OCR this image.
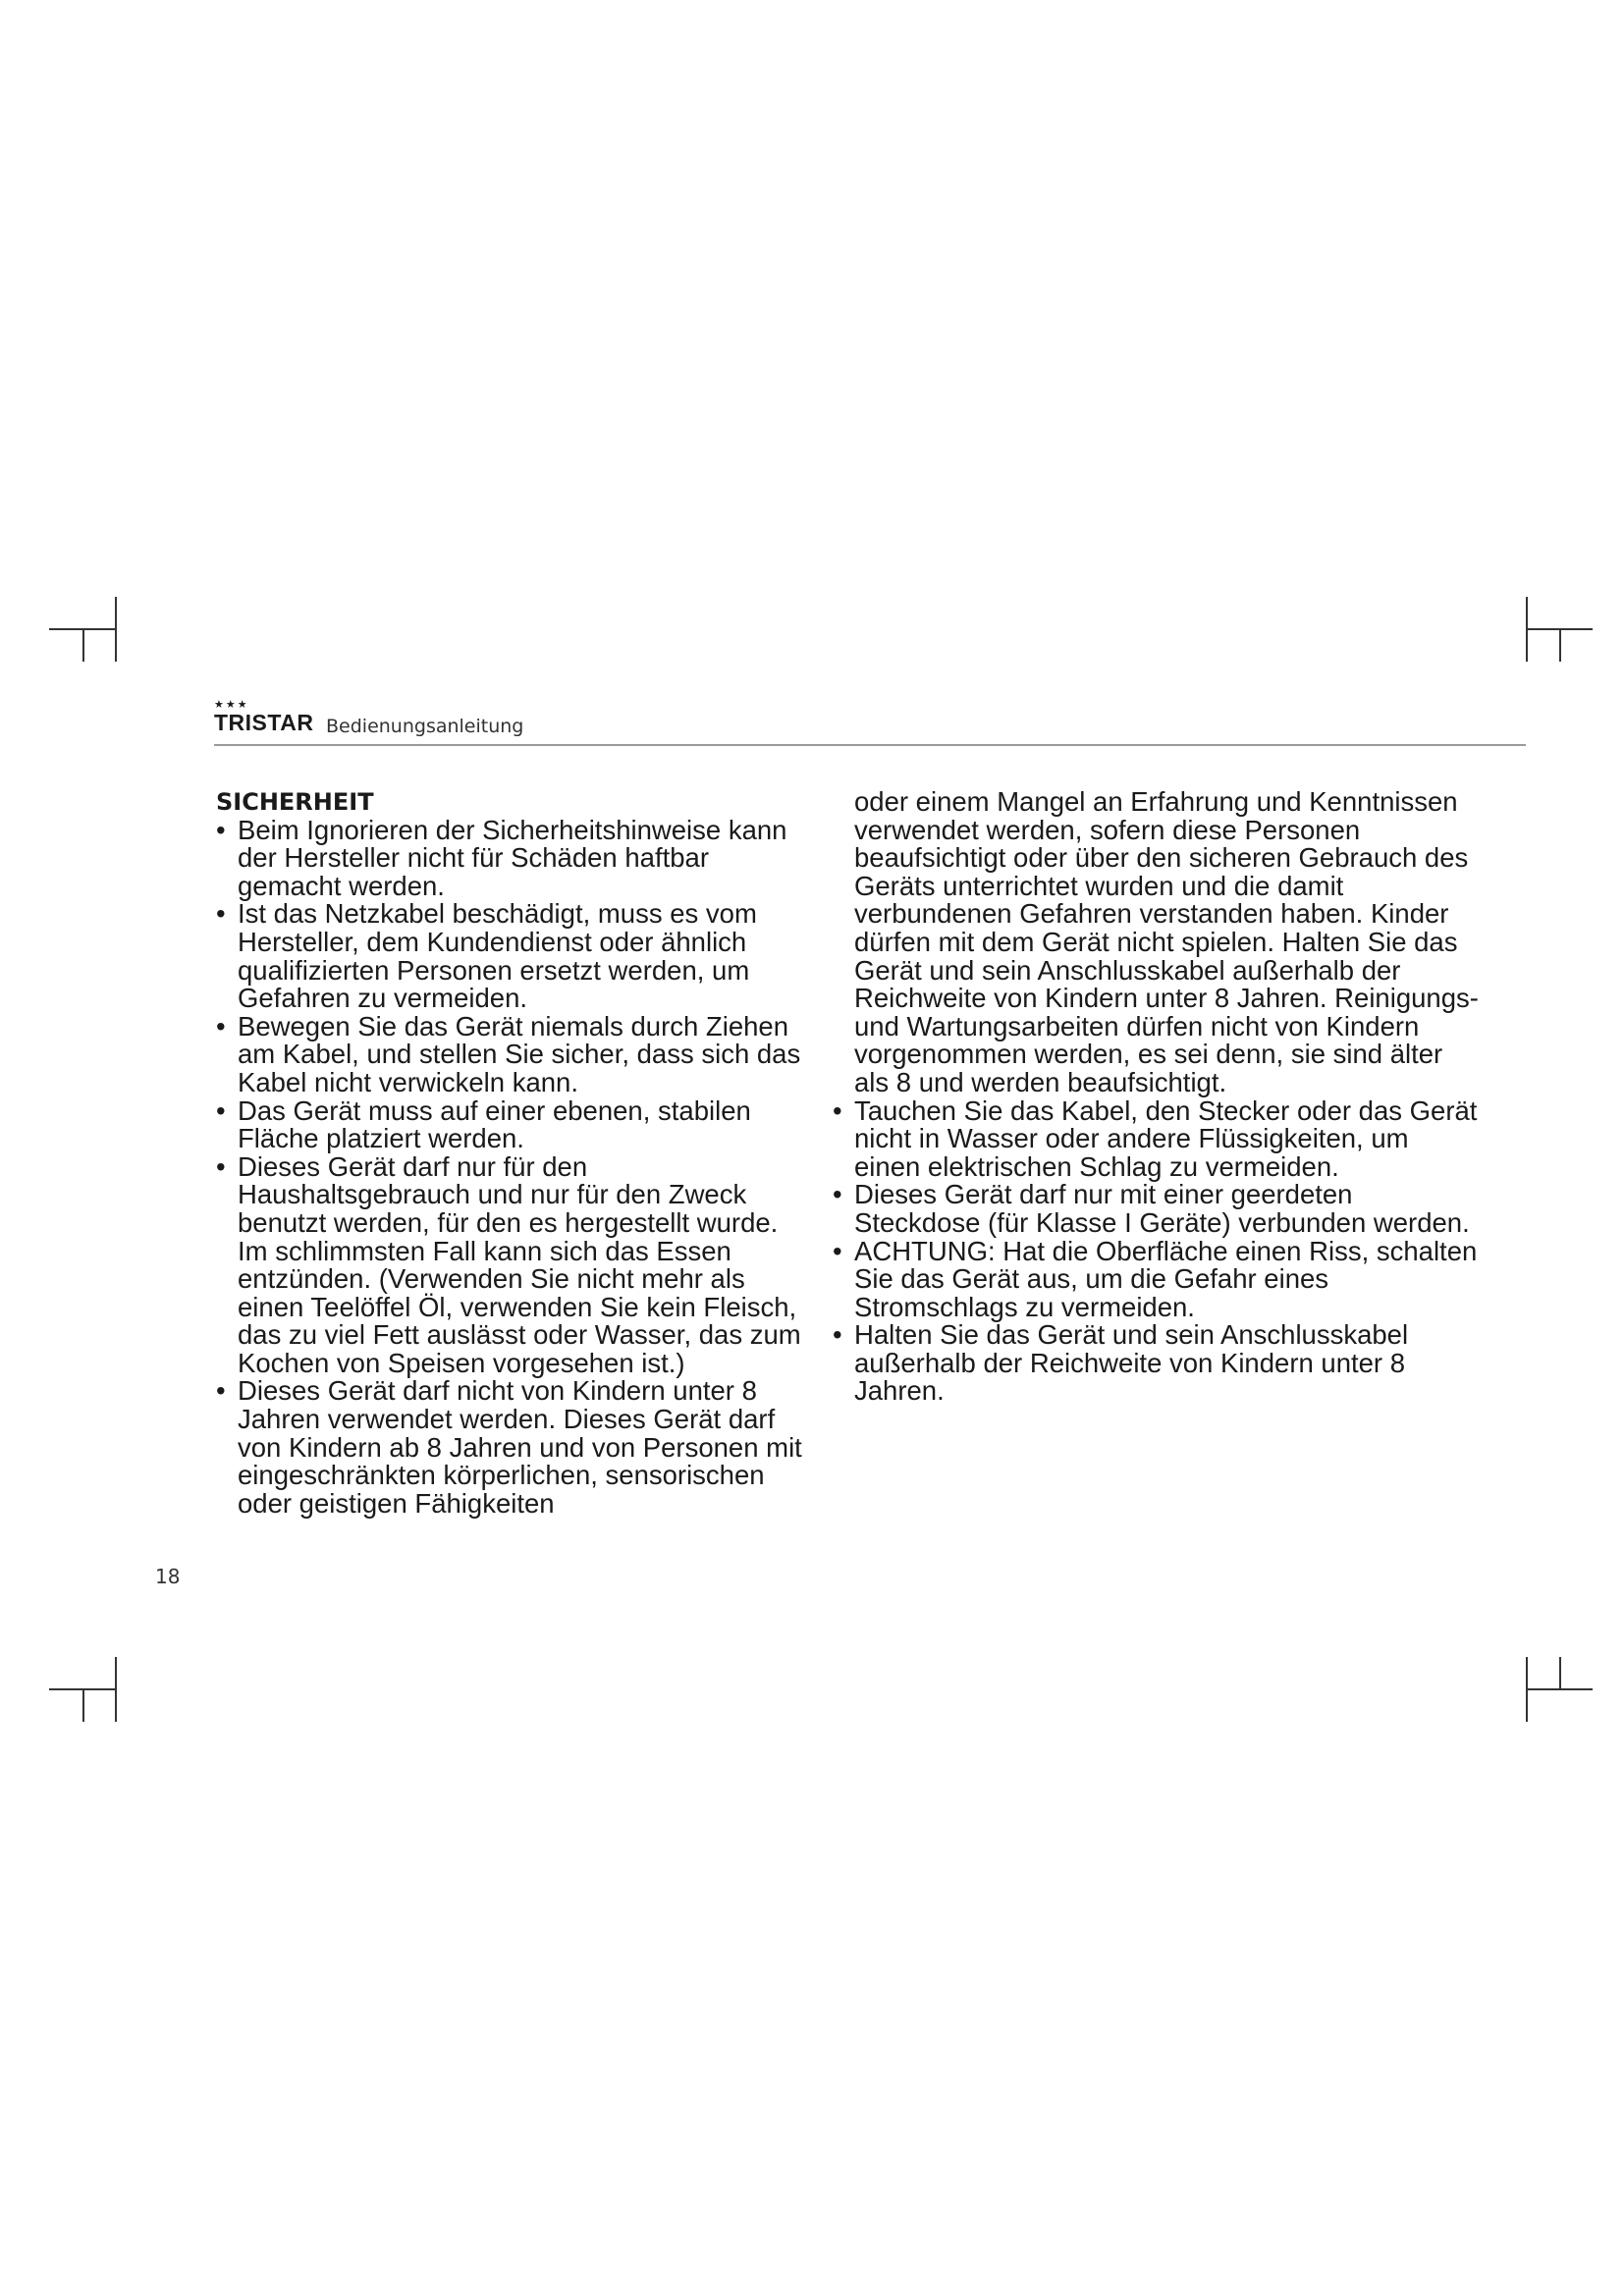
★★★
TRISTAR Bedienungsanleitung

SICHERHEIT

• Beim Ignorieren der Sicherheitshinweise kann der Hersteller nicht für Schäden haftbar gemacht werden.
• Ist das Netzkabel beschädigt, muss es vom Hersteller, dem Kundendienst oder ähnlich qualifizierten Personen ersetzt werden, um Gefahren zu vermeiden.
• Bewegen Sie das Gerät niemals durch Ziehen am Kabel, und stellen Sie sicher, dass sich das Kabel nicht verwickeln kann.
• Das Gerät muss auf einer ebenen, stabilen Fläche platziert werden.
• Dieses Gerät darf nur für den Haushaltsgebrauch und nur für den Zweck benutzt werden, für den es hergestellt wurde. Im schlimmsten Fall kann sich das Essen entzünden. (Verwenden Sie nicht mehr als einen Teelöffel Öl, verwenden Sie kein Fleisch, das zu viel Fett auslässt oder Wasser, das zum Kochen von Speisen vorgesehen ist.)
• Dieses Gerät darf nicht von Kindern unter 8 Jahren verwendet werden. Dieses Gerät darf von Kindern ab 8 Jahren und von Personen mit eingeschränkten körperlichen, sensorischen oder geistigen Fähigkeiten

oder einem Mangel an Erfahrung und Kenntnissen verwendet werden, sofern diese Personen beaufsichtigt oder über den sicheren Gebrauch des Geräts unterrichtet wurden und die damit verbundenen Gefahren verstanden haben. Kinder dürfen mit dem Gerät nicht spielen. Halten Sie das Gerät und sein Anschlusskabel außerhalb der Reichweite von Kindern unter 8 Jahren. Reinigungs- und Wartungsarbeiten dürfen nicht von Kindern vorgenommen werden, es sei denn, sie sind älter als 8 und werden beaufsichtigt.

• Tauchen Sie das Kabel, den Stecker oder das Gerät nicht in Wasser oder andere Flüssigkeiten, um einen elektrischen Schlag zu vermeiden.
• Dieses Gerät darf nur mit einer geerdeten Steckdose (für Klasse I Geräte) verbunden werden.
• ACHTUNG: Hat die Oberfläche einen Riss, schalten Sie das Gerät aus, um die Gefahr eines Stromschlags zu vermeiden.
• Halten Sie das Gerät und sein Anschlusskabel außerhalb der Reichweite von Kindern unter 8 Jahren.
18
